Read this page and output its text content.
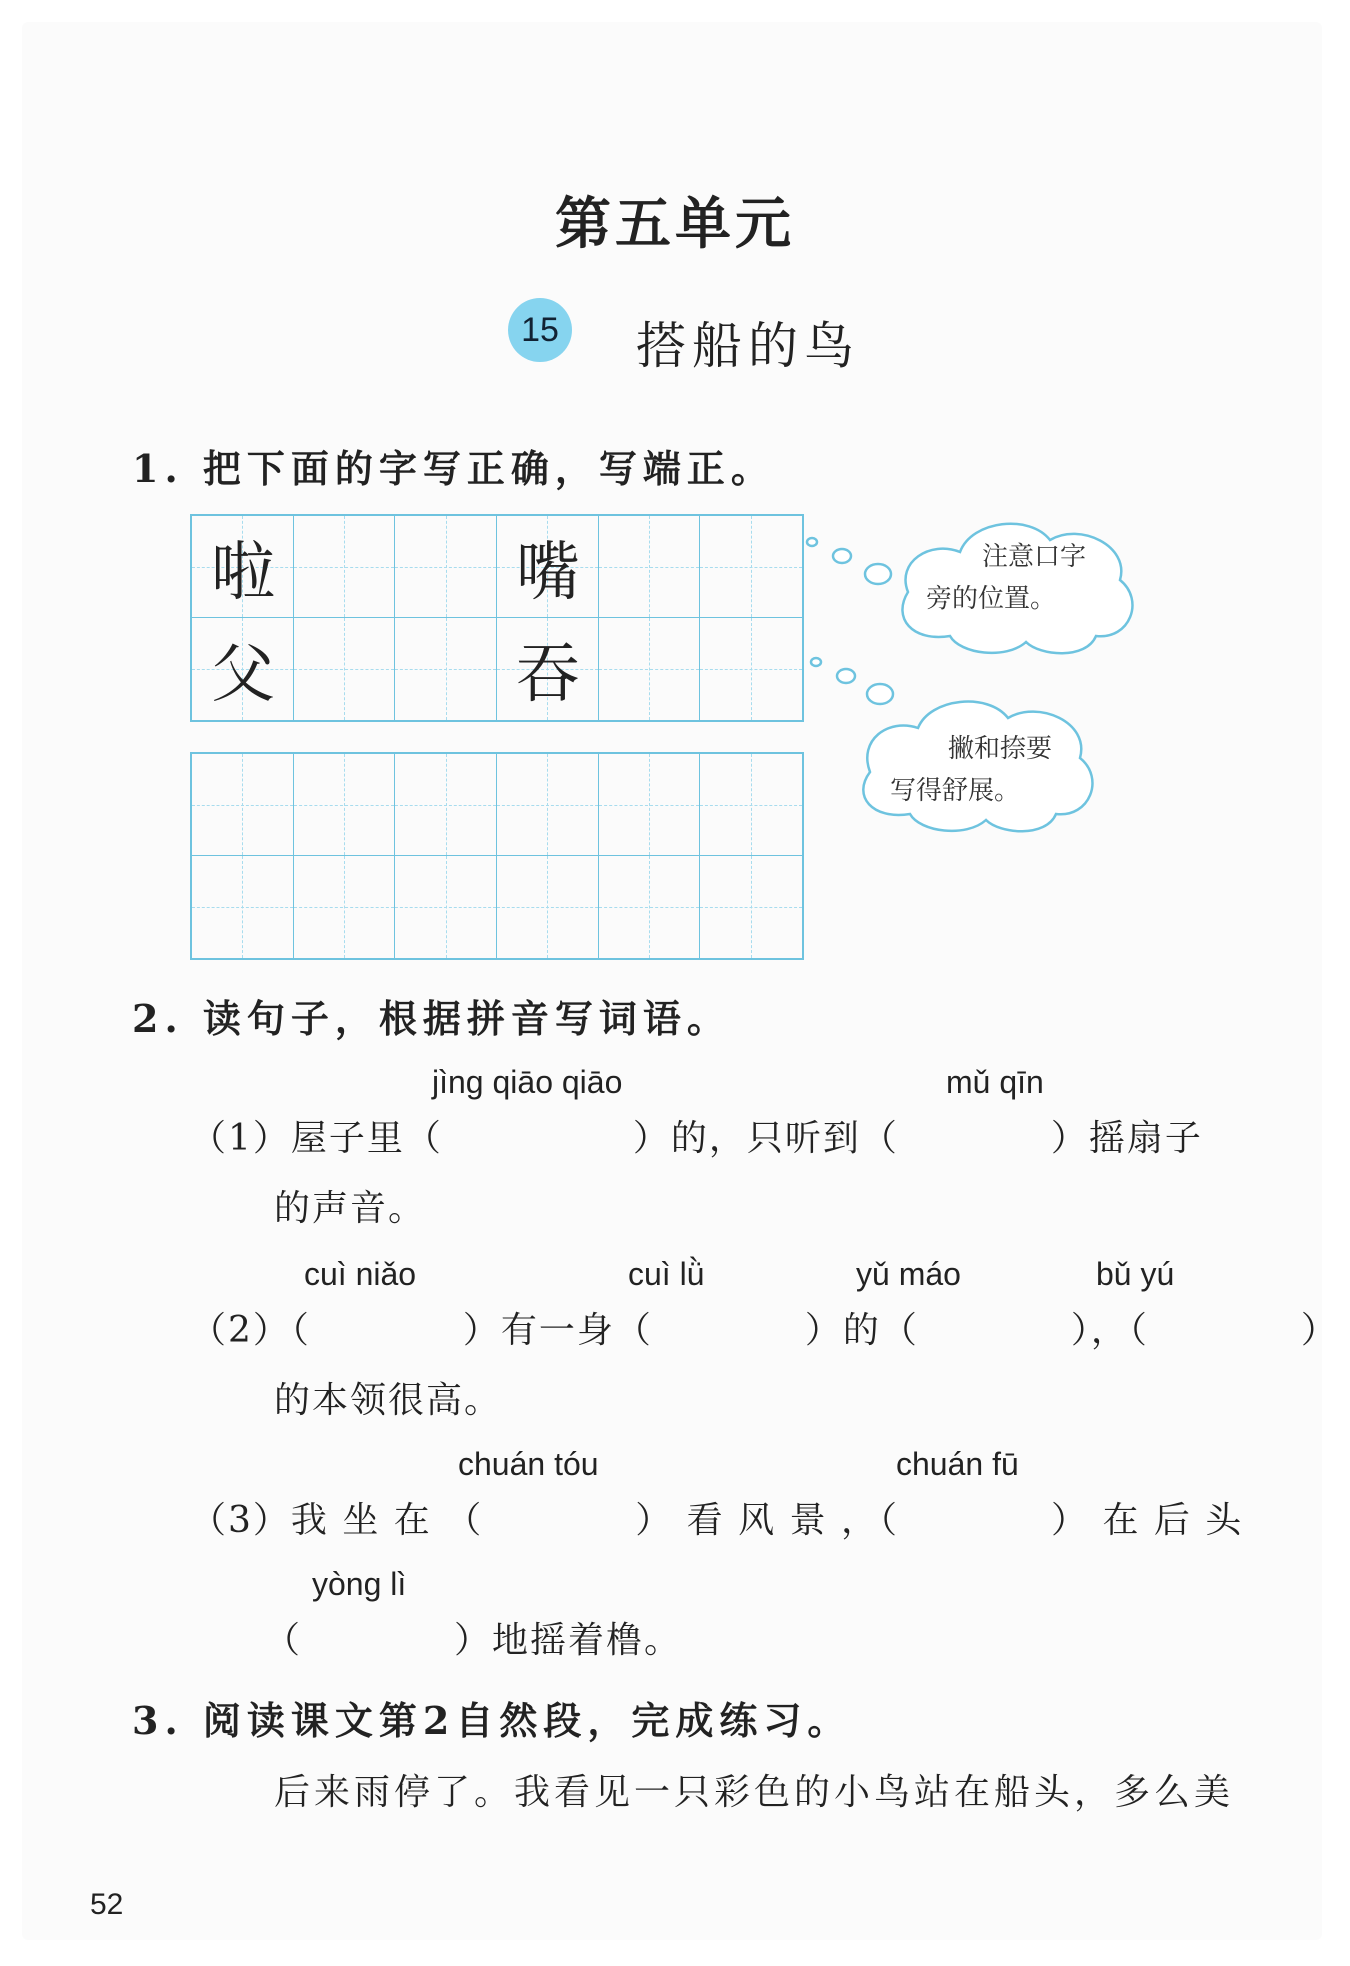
第五单元
15 搭船的鸟
1. 把下面的字写正确，写端正。
啦	嘴
父	吞
注意口字
旁的位置。
撇和捺要
写得舒展。
2. 读句子，根据拼音写词语。
jìng qiāo qiāo	mǔ qīn
（1）屋子里（　　　　　）的，只听到（　　　　）摇扇子
的声音。
cuì niǎo	cuì lǜ	yǔ máo	bǔ yú
（2）（　　　　）有一身（　　　　）的（　　　　），（　　　　）
的本领很高。
chuán tóu	chuán fū
（3）我 坐 在 （　　　　） 看 风 景 ，（　　　　） 在 后 头
yòng lì
（　　　　）地摇着橹。
3. 阅读课文第2自然段，完成练习。
后来雨停了。我看见一只彩色的小鸟站在船头，多么美
52
